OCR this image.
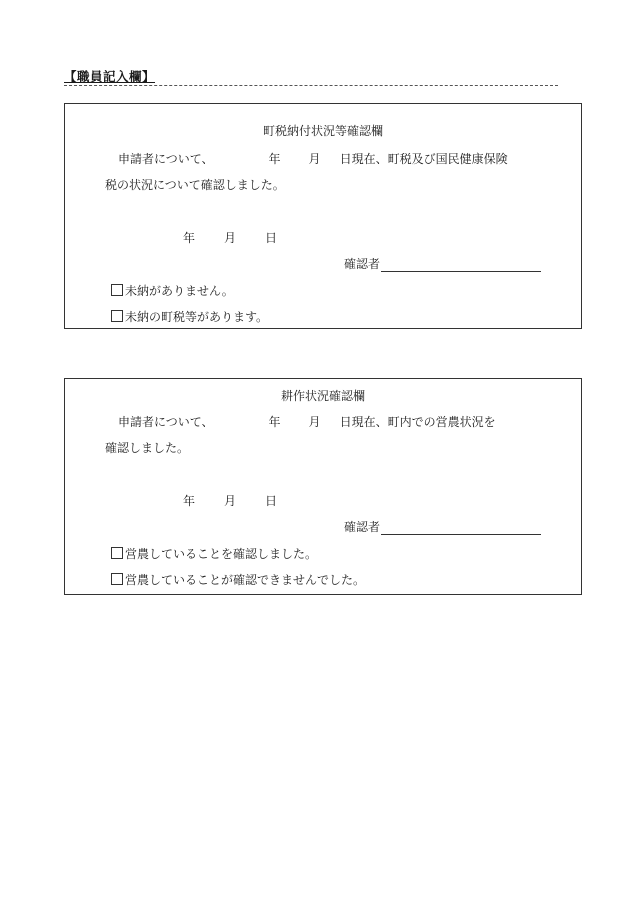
【職員記入欄】
町税納付状況等確認欄
申請者について、	年 月 日現在、町税及び国民健康保険
税の状況について確認しました。
年 月 日
確認者
未納がありません。
未納の町税等があります。
耕作状況確認欄
申請者について、	年 月 日現在、町内での営農状況を
確認しました。
年 月 日
確認者
営農していることを確認しました。
営農していることが確認できませんでした。
